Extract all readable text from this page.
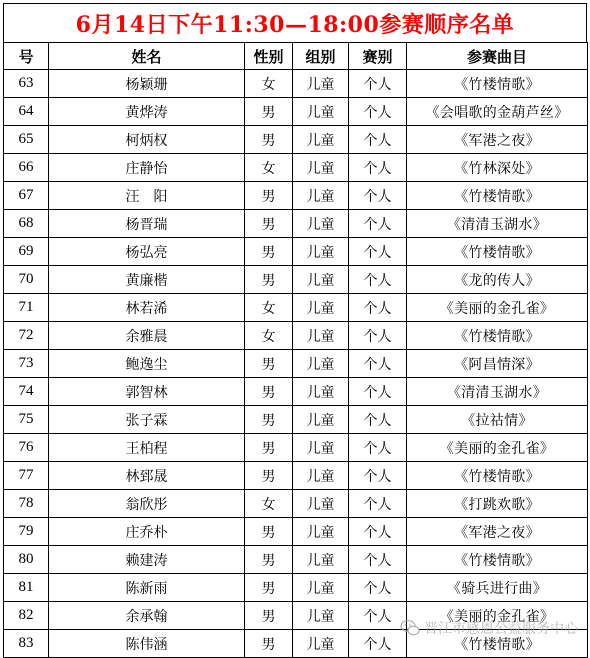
6月14日下午11:30—18:00参赛顺序名单
号	姓名	性别	组别	赛别	参赛曲目
63	杨颖珊	女	儿童	个人	《竹楼情歌》
64	黄烨涛	男	儿童	个人	《会唱歌的金葫芦丝》
65	柯炳权	男	儿童	个人	《军港之夜》
66	庄静怡	女	儿童	个人	《竹林深处》
67	汪　阳	男	儿童	个人	《竹楼情歌》
68	杨晋瑞	男	儿童	个人	《清清玉湖水》
69	杨弘亮	男	儿童	个人	《竹楼情歌》
70	黄廉楷	男	儿童	个人	《龙的传人》
71	林若浠	女	儿童	个人	《美丽的金孔雀》
72	余雅晨	女	儿童	个人	《竹楼情歌》
73	鲍逸尘	男	儿童	个人	《阿昌情深》
74	郭智林	男	儿童	个人	《清清玉湖水》
75	张子霖	男	儿童	个人	《拉祜情》
76	王柏程	男	儿童	个人	《美丽的金孔雀》
77	林郅晟	男	儿童	个人	《竹楼情歌》
78	翁欣彤	女	儿童	个人	《打跳欢歌》
79	庄乔朴	男	儿童	个人	《军港之夜》
80	赖建涛	男	儿童	个人	《竹楼情歌》
81	陈新雨	男	儿童	个人	《骑兵进行曲》
82	余承翰	男	儿童	个人	《美丽的金孔雀》
83	陈伟涵	男	儿童	个人	《竹楼情歌》
晋江市感恩公益服务中心
